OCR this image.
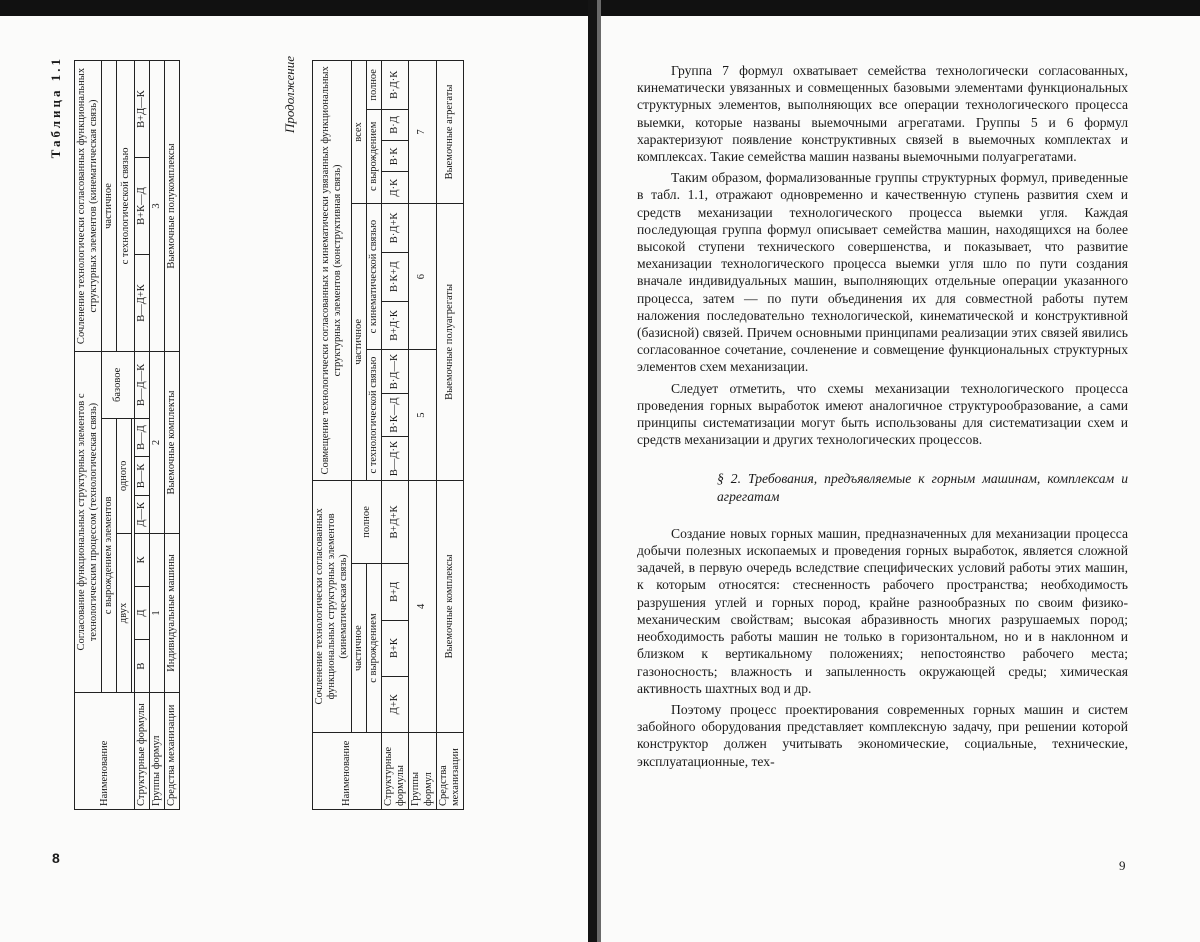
Таблица 1.1
Наименование	Согласование функциональных структурных элементов с технологическим процессом (технологическая связь)	Сочленение технологически согласованных функциональных структурных элементов (кинематическая связь)
с вырождением элементов	базовое	частичное
двух	одного	с технологической связью

Структурные формулы	В	Д	К	Д—К	В—К	В—Д	В—Д—К	В—Д+К	В+К—Д	В+Д—К
Группы формул	1	2	3
Средства механизации	Индивидуальные машины	Выемочные комплекты	Выемочные полукомплексы
Продолжение
Наименование	Сочленение технологически согласованных функциональных структурных элементов (кинематическая связь)	Совмещение технологически согласованных и кинематически увязанных функциональных структурных элементов (конструктивная связь)
частичное	полное	частичное	всех
с вырождением	с технологической связью	с кинематической связью	с вырождением	полное

Структурные формулы	Д+К	В+К	В+Д	В+Д+К	В—Д·К	В·К—Д	В·Д—К	В+Д·К	В·К+Д	В·Д+К	Д·К	В·К	В·Д	В·Д·К
Группы формул	4	5	6	7
Средства механизации	Выемочные комплексы	Выемочные полуагрегаты	Выемочные агрегаты
8

Группа 7 формул охватывает семейства технологически согласованных, кинематически увязанных и совмещенных базовыми элементами функциональных структурных элементов, выполняющих все операции технологического процесса выемки, которые названы выемочными агрегатами. Группы 5 и 6 формул характеризуют появление конструктивных связей в выемочных комплектах и комплексах. Такие семейства машин названы выемочными полуагрегатами.

Таким образом, формализованные группы структурных формул, приведенные в табл. 1.1, отражают одновременно и качественную ступень развития схем и средств механизации технологического процесса выемки угля. Каждая последующая группа формул описывает семейства машин, находящихся на более высокой ступени технического совершенства, и показывает, что развитие механизации технологического процесса выемки угля шло по пути создания вначале индивидуальных машин, выполняющих отдельные операции указанного процесса, затем — по пути объединения их для совместной работы путем наложения последовательно технологической, кинематической и конструктивной (базисной) связей. Причем основными принципами реализации этих связей явились согласованное сочетание, сочленение и совмещение функциональных структурных элементов схем механизации.

Следует отметить, что схемы механизации технологического процесса проведения горных выработок имеют аналогичное структурообразование, а сами принципы систематизации могут быть использованы для систематизации схем и средств механизации и других технологических процессов.

§ 2. Требования, предъявляемые к горным машинам, комплексам и агрегатам

Создание новых горных машин, предназначенных для механизации процесса добычи полезных ископаемых и проведения горных выработок, является сложной задачей, в первую очередь вследствие специфических условий работы этих машин, к которым относятся: стесненность рабочего пространства; необходимость разрушения углей и горных пород, крайне разнообразных по своим физико-механическим свойствам; высокая абразивность многих разрушаемых пород; необходимость работы машин не только в горизонтальном, но и в наклонном и близком к вертикальному положениях; непостоянство рабочего места; газоносность; влажность и запыленность окружающей среды; химическая активность шахтных вод и др.

Поэтому процесс проектирования современных горных машин и систем забойного оборудования представляет комплексную задачу, при решении которой конструктор должен учитывать экономические, социальные, технические, эксплуатационные, тех-

9
